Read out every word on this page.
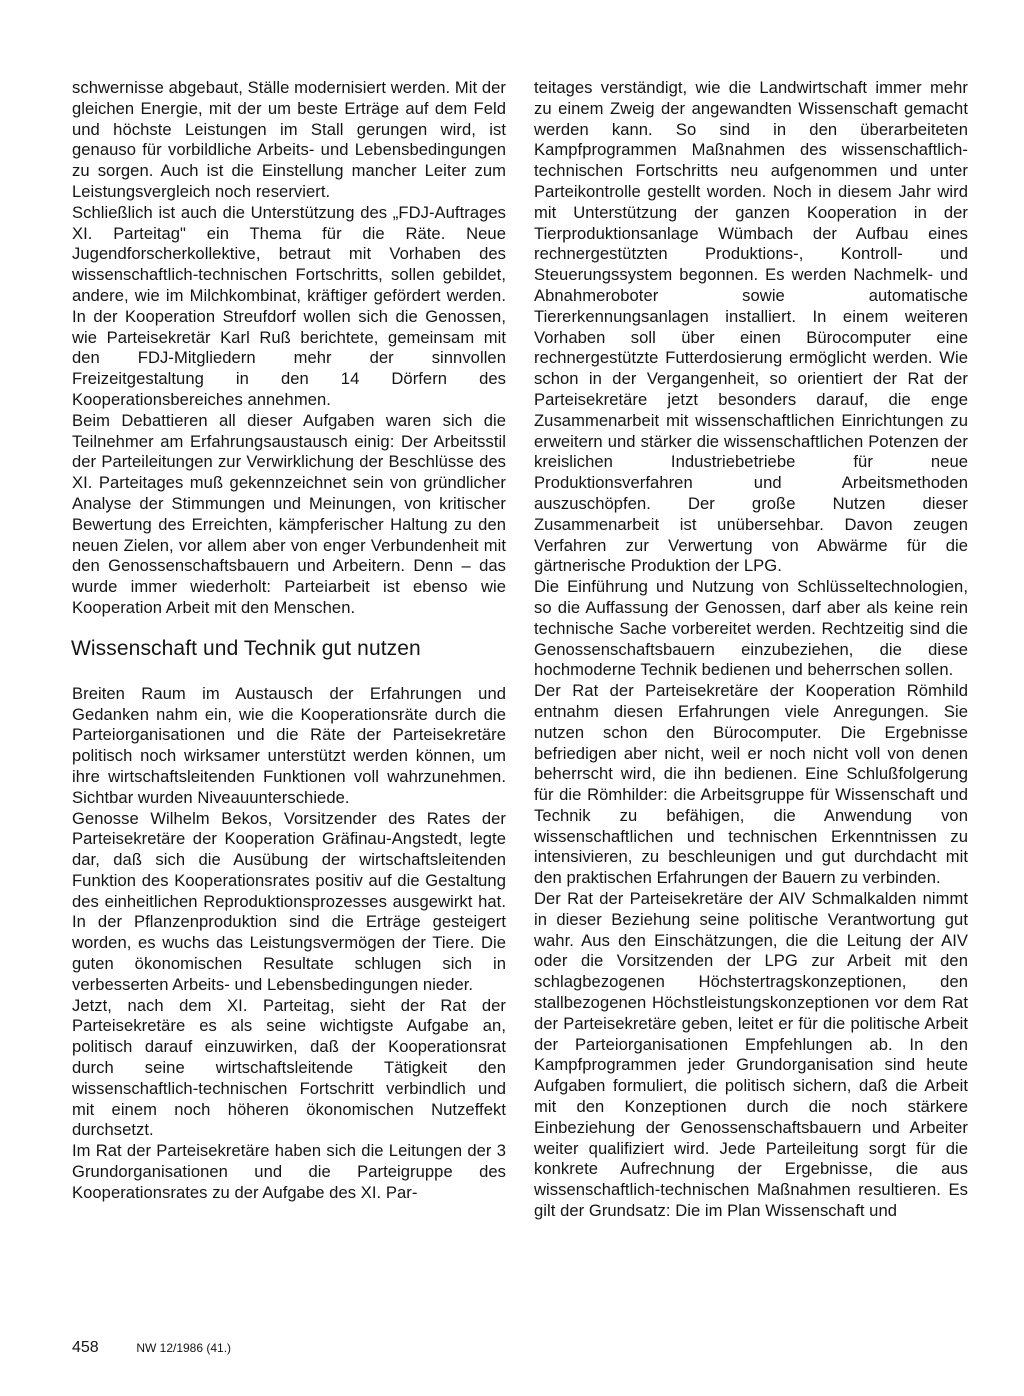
schwernisse abgebaut, Ställe modernisiert werden. Mit der gleichen Energie, mit der um beste Erträge auf dem Feld und höchste Leistungen im Stall gerungen wird, ist genauso für vorbildliche Arbeits- und Lebensbedingungen zu sorgen. Auch ist die Einstellung mancher Leiter zum Leistungsvergleich noch reserviert.

Schließlich ist auch die Unterstützung des „FDJ-Auftrages XI. Parteitag" ein Thema für die Räte. Neue Jugendforscherkollektive, betraut mit Vorhaben des wissenschaftlich-technischen Fortschritts, sollen gebildet, andere, wie im Milchkombinat, kräftiger gefördert werden. In der Kooperation Streufdorf wollen sich die Genossen, wie Parteisekretär Karl Ruß berichtete, gemeinsam mit den FDJ-Mitgliedern mehr der sinnvollen Freizeitgestaltung in den 14 Dörfern des Kooperationsbereiches annehmen.

Beim Debattieren all dieser Aufgaben waren sich die Teilnehmer am Erfahrungsaustausch einig: Der Arbeitsstil der Parteileitungen zur Verwirklichung der Beschlüsse des XI. Parteitages muß gekennzeichnet sein von gründlicher Analyse der Stimmungen und Meinungen, von kritischer Bewertung des Erreichten, kämpferischer Haltung zu den neuen Zielen, vor allem aber von enger Verbundenheit mit den Genossenschaftsbauern und Arbeitern. Denn – das wurde immer wiederholt: Parteiarbeit ist ebenso wie Kooperation Arbeit mit den Menschen.

Wissenschaft und Technik gut nutzen

Breiten Raum im Austausch der Erfahrungen und Gedanken nahm ein, wie die Kooperationsräte durch die Parteiorganisationen und die Räte der Parteisekretäre politisch noch wirksamer unterstützt werden können, um ihre wirtschaftsleitenden Funktionen voll wahrzunehmen. Sichtbar wurden Niveauunterschiede.

Genosse Wilhelm Bekos, Vorsitzender des Rates der Parteisekretäre der Kooperation Gräfinau-Angstedt, legte dar, daß sich die Ausübung der wirtschaftsleitenden Funktion des Kooperationsrates positiv auf die Gestaltung des einheitlichen Reproduktionsprozesses ausgewirkt hat. In der Pflanzenproduktion sind die Erträge gesteigert worden, es wuchs das Leistungsvermögen der Tiere. Die guten ökonomischen Resultate schlugen sich in verbesserten Arbeits- und Lebensbedingungen nieder.

Jetzt, nach dem XI. Parteitag, sieht der Rat der Parteisekretäre es als seine wichtigste Aufgabe an, politisch darauf einzuwirken, daß der Kooperationsrat durch seine wirtschaftsleitende Tätigkeit den wissenschaftlich-technischen Fortschritt verbindlich und mit einem noch höheren ökonomischen Nutzeffekt durchsetzt.

Im Rat der Parteisekretäre haben sich die Leitungen der 3 Grundorganisationen und die Parteigruppe des Kooperationsrates zu der Aufgabe des XI. Par-

teitages verständigt, wie die Landwirtschaft immer mehr zu einem Zweig der angewandten Wissenschaft gemacht werden kann. So sind in den überarbeiteten Kampfprogrammen Maßnahmen des wissenschaftlich-technischen Fortschritts neu aufgenommen und unter Parteikontrolle gestellt worden. Noch in diesem Jahr wird mit Unterstützung der ganzen Kooperation in der Tierproduktionsanlage Wümbach der Aufbau eines rechnergestützten Produktions-, Kontroll- und Steuerungssystem begonnen. Es werden Nachmelk- und Abnahmeroboter sowie automatische Tiererkennungsanlagen installiert. In einem weiteren Vorhaben soll über einen Bürocomputer eine rechnergestützte Futterdosierung ermöglicht werden. Wie schon in der Vergangenheit, so orientiert der Rat der Parteisekretäre jetzt besonders darauf, die enge Zusammenarbeit mit wissenschaftlichen Einrichtungen zu erweitern und stärker die wissenschaftlichen Potenzen der kreislichen Industriebetriebe für neue Produktionsverfahren und Arbeitsmethoden auszuschöpfen. Der große Nutzen dieser Zusammenarbeit ist unübersehbar. Davon zeugen Verfahren zur Verwertung von Abwärme für die gärtnerische Produktion der LPG.

Die Einführung und Nutzung von Schlüsseltechnologien, so die Auffassung der Genossen, darf aber als keine rein technische Sache vorbereitet werden. Rechtzeitig sind die Genossenschaftsbauern einzubeziehen, die diese hochmoderne Technik bedienen und beherrschen sollen.

Der Rat der Parteisekretäre der Kooperation Römhild entnahm diesen Erfahrungen viele Anregungen. Sie nutzen schon den Bürocomputer. Die Ergebnisse befriedigen aber nicht, weil er noch nicht voll von denen beherrscht wird, die ihn bedienen. Eine Schlußfolgerung für die Römhilder: die Arbeitsgruppe für Wissenschaft und Technik zu befähigen, die Anwendung von wissenschaftlichen und technischen Erkenntnissen zu intensivieren, zu beschleunigen und gut durchdacht mit den praktischen Erfahrungen der Bauern zu verbinden.

Der Rat der Parteisekretäre der AIV Schmalkalden nimmt in dieser Beziehung seine politische Verantwortung gut wahr. Aus den Einschätzungen, die die Leitung der AIV oder die Vorsitzenden der LPG zur Arbeit mit den schlagbezogenen Höchstertragskonzeptionen, den stallbezogenen Höchstleistungskonzeptionen vor dem Rat der Parteisekretäre geben, leitet er für die politische Arbeit der Parteiorganisationen Empfehlungen ab. In den Kampfprogrammen jeder Grundorganisation sind heute Aufgaben formuliert, die politisch sichern, daß die Arbeit mit den Konzeptionen durch die noch stärkere Einbeziehung der Genossenschaftsbauern und Arbeiter weiter qualifiziert wird. Jede Parteileitung sorgt für die konkrete Aufrechnung der Ergebnisse, die aus wissenschaftlich-technischen Maßnahmen resultieren. Es gilt der Grundsatz: Die im Plan Wissenschaft und

458	NW 12/1986 (41.)
